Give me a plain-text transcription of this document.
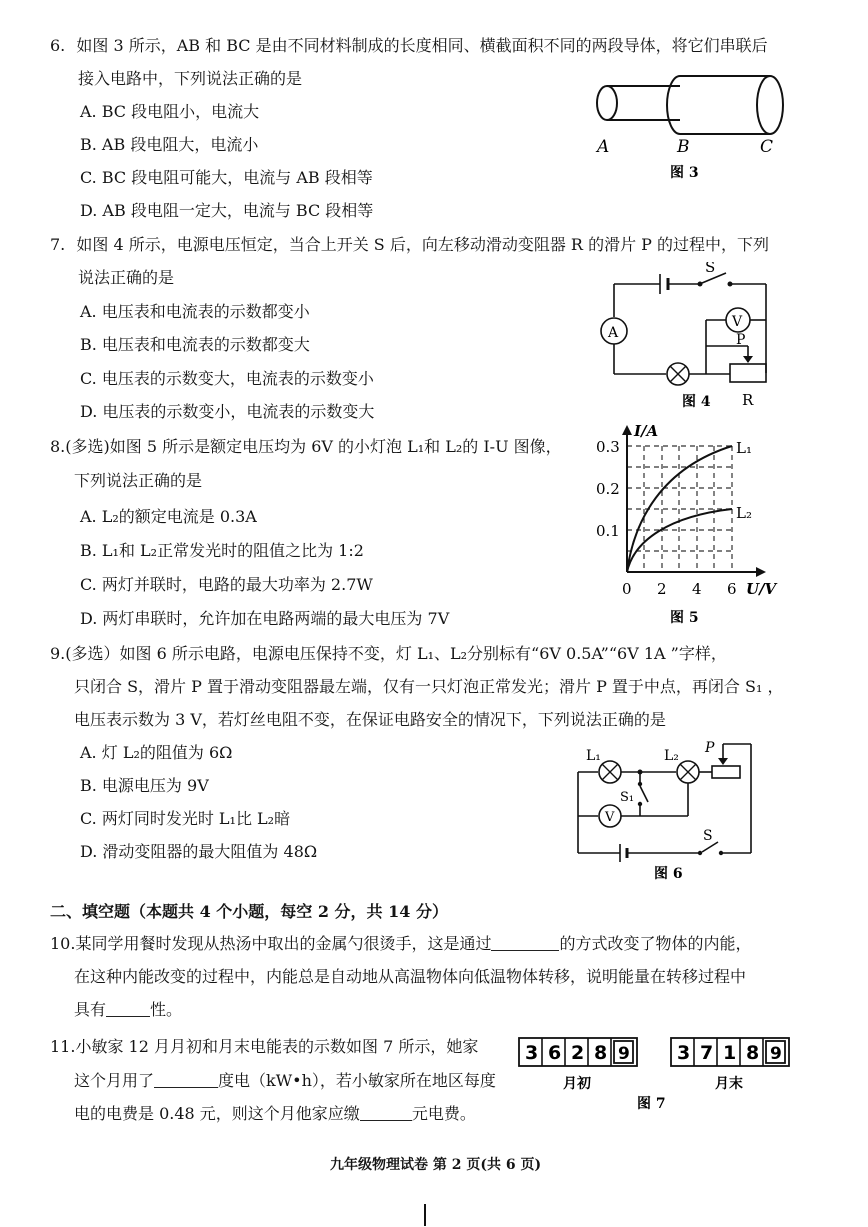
6. 如图 3 所示，AB 和 BC 是由不同材料制成的长度相同、横截面积不同的两段导体，将它们串联后
接入电路中，下列说法正确的是
A. BC 段电阻小，电流大
B. AB 段电阻大，电流小
C. BC 段电阻可能大，电流与 AB 段相等
D. AB 段电阻一定大，电流与 BC 段相等
A	B	C
图 3
7. 如图 4 所示，电源电压恒定，当合上开关 S 后，向左移动滑动变阻器 R 的滑片 P 的过程中，下列
说法正确的是
A. 电压表和电流表的示数都变小
B. 电压表和电流表的示数都变大
C. 电压表的示数变大，电流表的示数变小
D. 电压表的示数变小，电流表的示数变大
S
A
V
P
图 4 R
8.(多选)如图 5 所示是额定电压均为 6V 的小灯泡 L₁和 L₂的 I-U 图像，
下列说法正确的是
A. L₂的额定电流是 0.3A
B. L₁和 L₂正常发光时的阻值之比为 1:2
C. 两灯并联时，电路的最大功率为 2.7W
D. 两灯串联时，允许加在电路两端的最大电压为 7V
L₁
L₂
I/A
0.3
0.2
0.1
0 2 4 6 U/V
图 5
9.(多选）如图 6 所示电路，电源电压保持不变，灯 L₁、L₂分别标有“6V 0.5A”“6V 1A ”字样，
只闭合 S，滑片 P 置于滑动变阻器最左端，仅有一只灯泡正常发光；滑片 P 置于中点，再闭合 S₁ ，
电压表示数为 3 V，若灯丝电阻不变，在保证电路安全的情况下，下列说法正确的是
A. 灯 L₂的阻值为 6Ω
B. 电源电压为 9V
C. 两灯同时发光时 L₁比 L₂暗
D. 滑动变阻器的最大阻值为 48Ω
L₁	L₂ P
S₁
V
S
图 6
二、填空题（本题共 4 个小题，每空 2 分，共 14 分）
10.某同学用餐时发现从热汤中取出的金属勺很烫手，这是通过	的方式改变了物体的内能，
在这种内能改变的过程中，内能总是自动地从高温物体向低温物体转移，说明能量在转移过程中
具有	性。
11.小敏家 12 月月初和月末电能表的示数如图 7 所示，她家
这个月用了	度电（kW•h），若小敏家所在地区每度
电的电费是 0.48 元，则这个月他家应缴	元电费。
3 6 2 8 9
月初
3 7 1 8 9
月末
图 7
九年级物理试卷 第 2 页(共 6 页)
